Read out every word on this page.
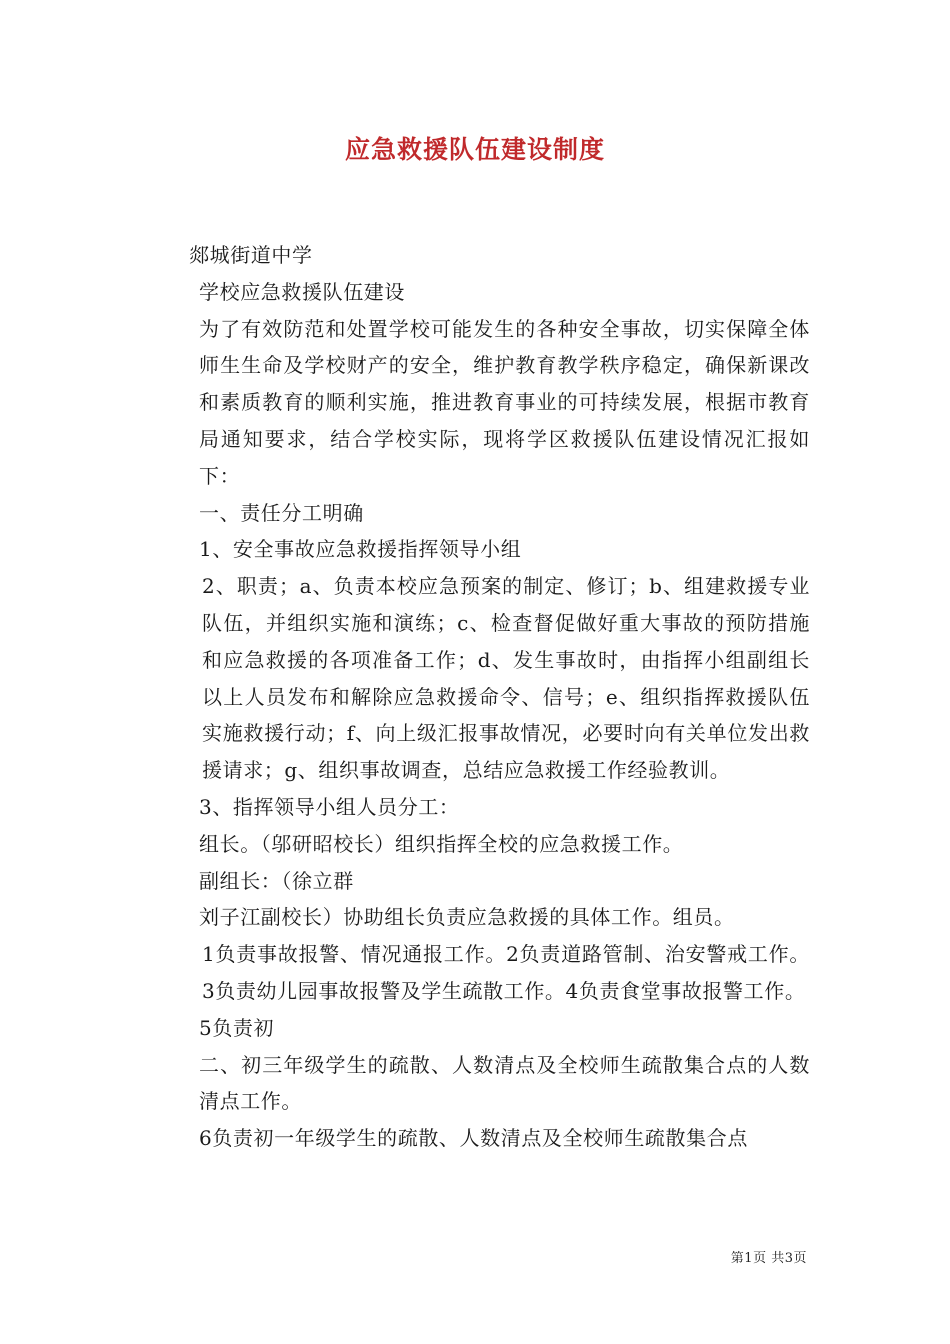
应急救援队伍建设制度

郯城街道中学

学校应急救援队伍建设

为了有效防范和处置学校可能发生的各种安全事故，切实保障全体师生生命及学校财产的安全，维护教育教学秩序稳定，确保新课改和素质教育的顺利实施，推进教育事业的可持续发展，根据市教育局通知要求，结合学校实际，现将学区救援队伍建设情况汇报如下：

一、责任分工明确

1、安全事故应急救援指挥领导小组

2、职责；a、负责本校应急预案的制定、修订；b、组建救援专业队伍，并组织实施和演练；c、检查督促做好重大事故的预防措施和应急救援的各项准备工作；d、发生事故时，由指挥小组副组长以上人员发布和解除应急救援命令、信号；e、组织指挥救援队伍实施救援行动；f、向上级汇报事故情况，必要时向有关单位发出救援请求；g、组织事故调查，总结应急救援工作经验教训。

3、指挥领导小组人员分工：

组长。（邬研昭校长）组织指挥全校的应急救援工作。

副组长：（徐立群

刘子江副校长）协助组长负责应急救援的具体工作。组员。

1负责事故报警、情况通报工作。2负责道路管制、治安警戒工作。3负责幼儿园事故报警及学生疏散工作。4负责食堂事故报警工作。

5负责初

二、初三年级学生的疏散、人数清点及全校师生疏散集合点的人数清点工作。

6负责初一年级学生的疏散、人数清点及全校师生疏散集合点

第1页 共3页
